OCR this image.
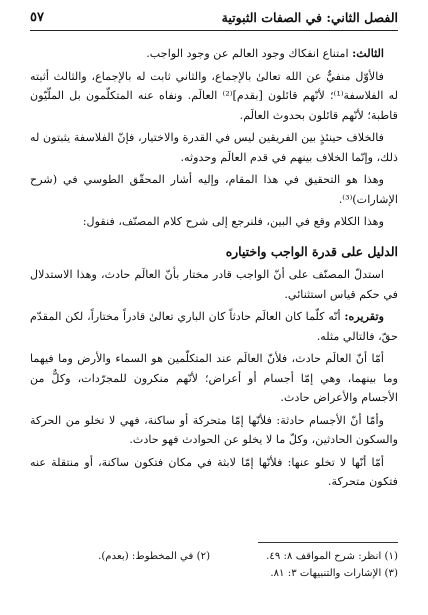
الفصل الثاني: في الصفات الثبوتية
٥٧

الثالث: امتناع انفكاك وجود العالم عن وجود الواجب.

فالأوّل منفيٌّ عن الله تعالىٰ بالإجماع، والثاني ثابت له بالإجماع، والثالث أثبته له الفلاسفة⁽¹⁾؛ لأنّهم قائلون [بقدم]⁽²⁾ العالَم. ونفاه عنه المتكلّمون بل الملّيّون قاطبة؛ لأنّهم قائلون بحدوث العالَم.

فالخلاف حينئذٍ بين الفريقين ليس في القدرة والاختيار، فإنّ الفلاسفة يثبتون له ذلك، وإنّما الخلاف بينهم في قدم العالَم وحدوثه.

وهذا هو التحقيق في هذا المقام، وإليه أشار المحقّق الطوسي في (شرح الإشارات)⁽³⁾.

وهذا الكلام وقع في البين، فلنرجع إلى شرح كلام المصنّف، فنقول:

الدليل على قدرة الواجب واختياره

استدلّ المصنّف على أنّ الواجب قادر مختار بأنّ العالَم حادث، وهذا الاستدلال في حكم قياس استثنائي.

وتقريره: أنّه كلّما كان العالَم حادثاً كان الباري تعالىٰ قادراً مختاراً، لكن المقدّم حقّ، فالتالي مثله.

أمّا أنّ العالَم حادث، فلأنّ العالَم عند المتكلّمين هو السماء والأرض وما فيهما وما بينهما، وهي إمّا أجسام أو أعراض؛ لأنّهم منكرون للمجرّدات، وكلٌّ من الأجسام والأعراض حادث.

وأمّا أنّ الأجسام حادثة: فلأنّها إمّا متحركة أو ساكنة، فهي لا تخلو من الحركة والسكون الحادثين، وكلّ ما لا يخلو عن الحوادث فهو حادث.

أمّا أنّها لا تخلو عنها: فلأنّها إمّا لابثة في مكان فتكون ساكنة، أو منتقلة عنه فتكون متحركة.

(١) انظر: شرح المواقف ٨: ٤٩.
(٢) في المخطوط: (بعدم).
(٣) الإشارات والتنبيهات ٣: ٨١.
